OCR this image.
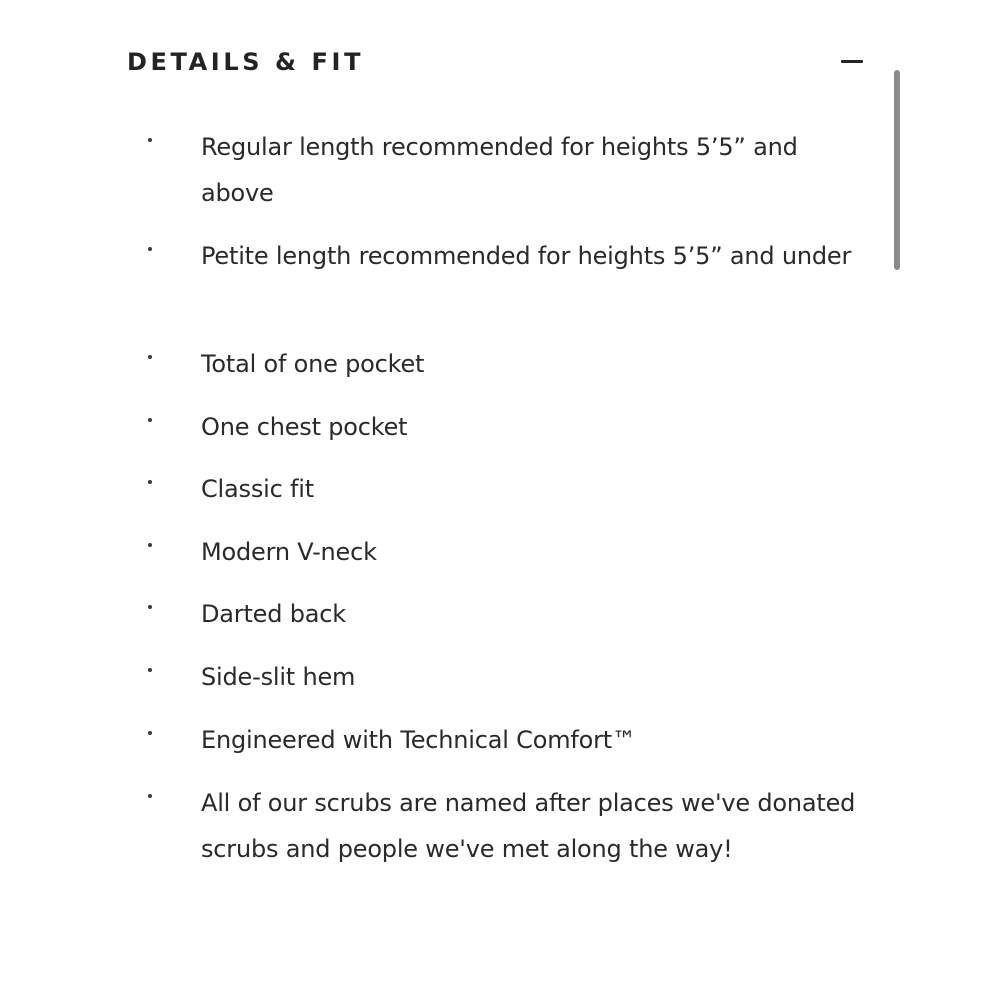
DETAILS & FIT
Regular length recommended for heights 5’5” and above
Petite length recommended for heights 5’5” and under
Total of one pocket
One chest pocket
Classic fit
Modern V-neck
Darted back
Side-slit hem
Engineered with Technical Comfort™
All of our scrubs are named after places we've donated scrubs and people we've met along the way!
